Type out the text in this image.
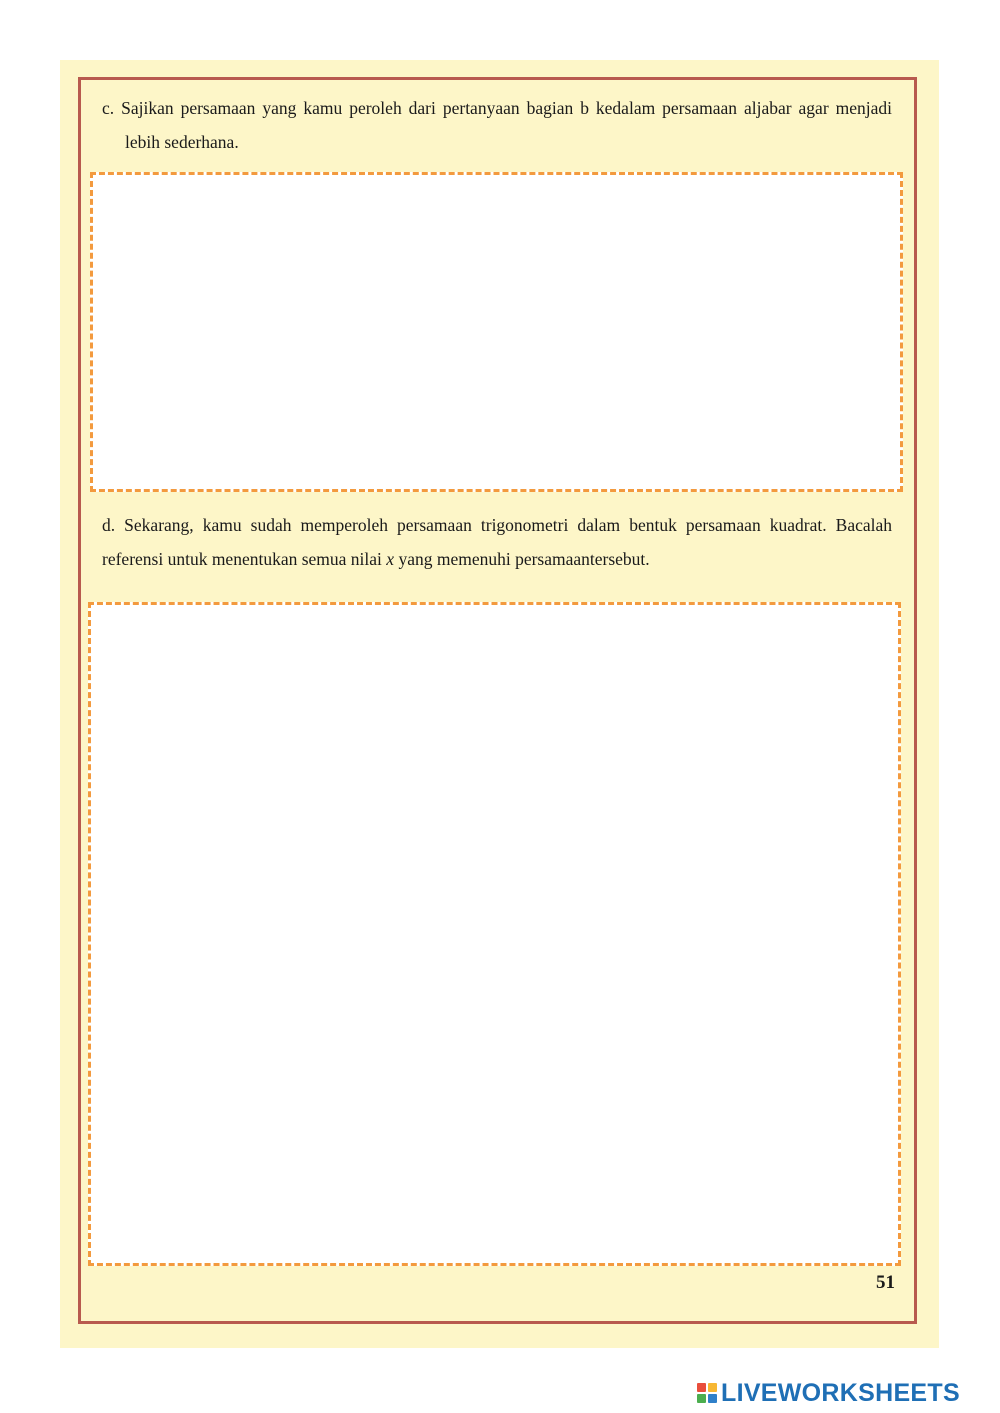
c. Sajikan persamaan yang kamu peroleh dari pertanyaan bagian b kedalam persamaan aljabar agar menjadi lebih sederhana.
d. Sekarang, kamu sudah memperoleh persamaan trigonometri dalam bentuk persamaan kuadrat. Bacalah referensi untuk menentukan semua nilai x yang memenuhi persamaantersebut.
51
LIVEWORKSHEETS
